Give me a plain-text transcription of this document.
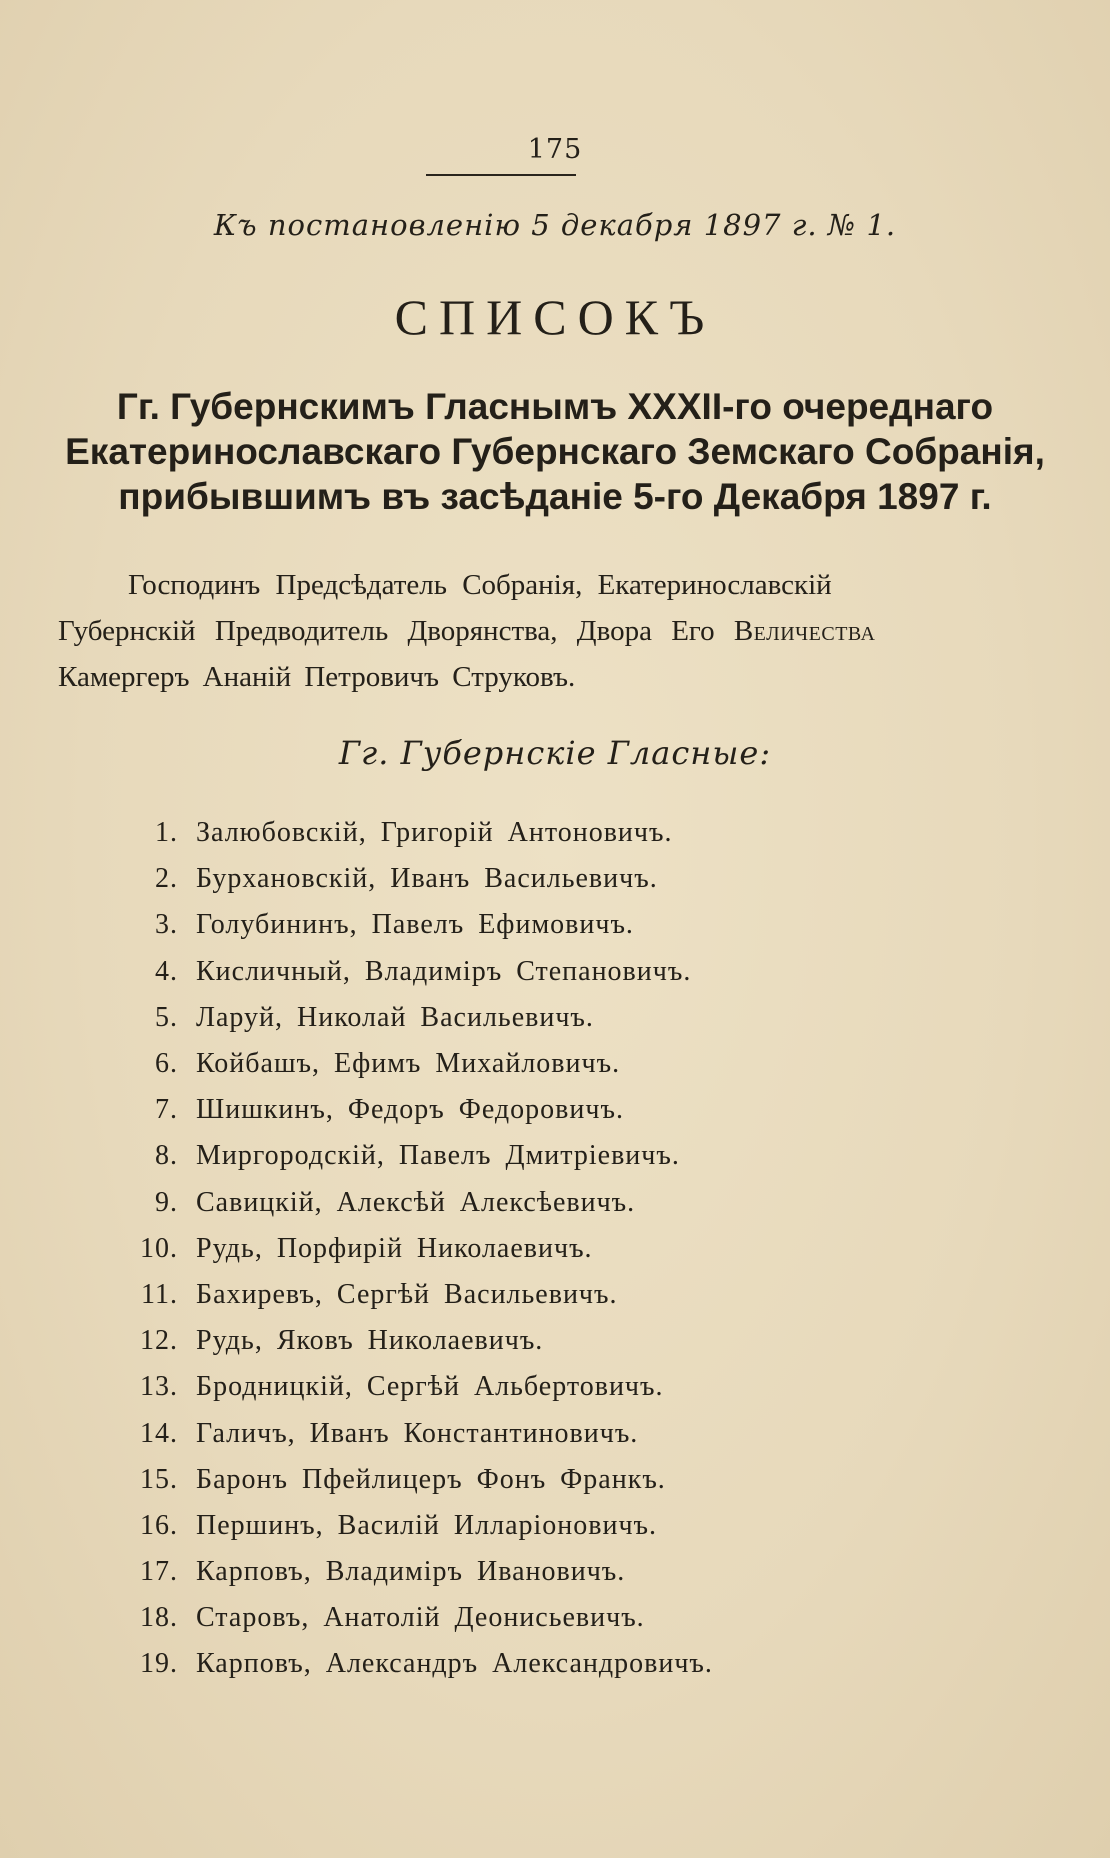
175
Къ постановленію 5 декабря 1897 г. № 1.
СПИСОКЪ
Гг. Губернскимъ Гласнымъ XXXII-го очереднаго
Екатеринославскаго Губернскаго Земскаго Собранія,
прибывшимъ въ засѣданіе 5-го Декабря 1897 г.
Господинъ Предсѣдатель Собранія, Екатеринославскій
Губернскій Предводитель Дворянства, Двора Его Величества
Камергеръ Ананій Петровичъ Струковъ.
Гг. Губернскіе Гласные:
1. Залюбовскій, Григорій Антоновичъ.
2. Бурхановскій, Иванъ Васильевичъ.
3. Голубининъ, Павелъ Ефимовичъ.
4. Кисличный, Владиміръ Степановичъ.
5. Ларуй, Николай Васильевичъ.
6. Койбашъ, Ефимъ Михайловичъ.
7. Шишкинъ, Федоръ Федоровичъ.
8. Миргородскій, Павелъ Дмитріевичъ.
9. Савицкій, Алексѣй Алексѣевичъ.
10. Рудь, Порфирій Николаевичъ.
11. Бахиревъ, Сергѣй Васильевичъ.
12. Рудь, Яковъ Николаевичъ.
13. Бродницкій, Сергѣй Альбертовичъ.
14. Галичъ, Иванъ Константиновичъ.
15. Баронъ Пфейлицеръ Фонъ Франкъ.
16. Першинъ, Василій Илларіоновичъ.
17. Карповъ, Владиміръ Ивановичъ.
18. Старовъ, Анатолій Деонисьевичъ.
19. Карповъ, Александръ Александровичъ.
